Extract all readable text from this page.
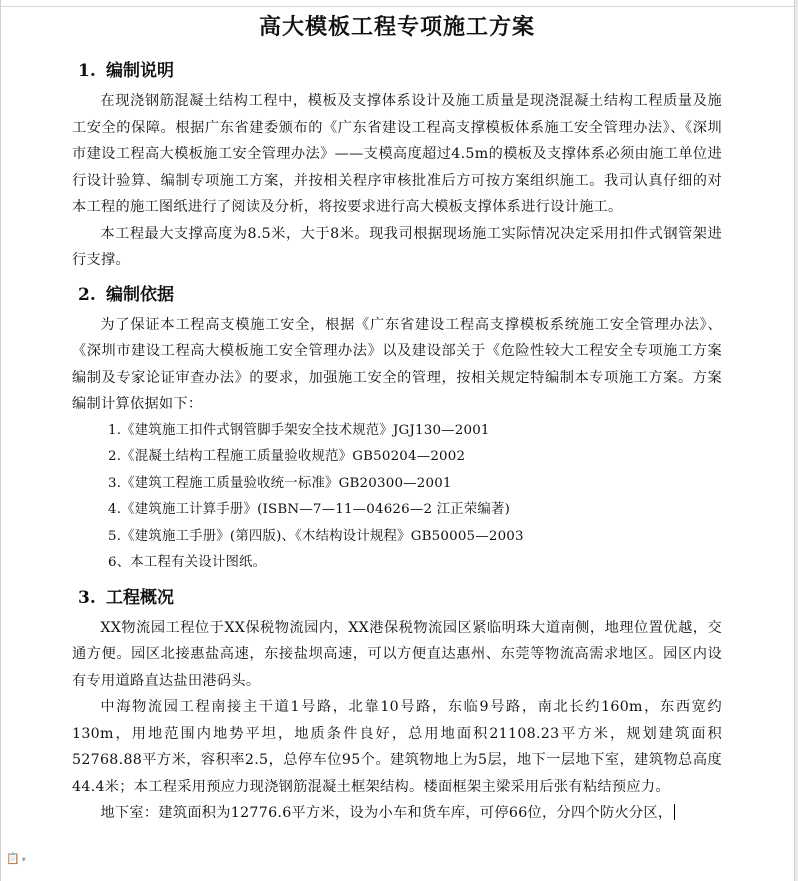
高大模板工程专项施工方案
1. 编制说明

在现浇钢筋混凝土结构工程中，模板及支撑体系设计及施工质量是现浇混凝土结构工程质量及施工安全的保障。根据广东省建委颁布的《广东省建设工程高支撑模板体系施工安全管理办法》、《深圳市建设工程高大模板施工安全管理办法》——支模高度超过4.5m的模板及支撑体系必须由施工单位进行设计验算、编制专项施工方案，并按相关程序审核批准后方可按方案组织施工。我司认真仔细的对本工程的施工图纸进行了阅读及分析，将按要求进行高大模板支撑体系进行设计施工。

本工程最大支撑高度为8.5米，大于8米。现我司根据现场施工实际情况决定采用扣件式钢管架进行支撑。

2. 编制依据

为了保证本工程高支模施工安全，根据《广东省建设工程高支撑模板系统施工安全管理办法》、《深圳市建设工程高大模板施工安全管理办法》以及建设部关于《危险性较大工程安全专项施工方案编制及专家论证审查办法》的要求，加强施工安全的管理，按相关规定特编制本专项施工方案。方案编制计算依据如下：

1.《建筑施工扣件式钢管脚手架安全技术规范》JGJ130—2001
2.《混凝土结构工程施工质量验收规范》GB50204—2002
3.《建筑工程施工质量验收统一标准》GB20300—2001
4.《建筑施工计算手册》(ISBN—7—11—04626—2 江正荣编著)
5.《建筑施工手册》(第四版)、《木结构设计规程》GB50005—2003
6、本工程有关设计图纸。
3. 工程概况

XX物流园工程位于XX保税物流园内，XX港保税物流园区紧临明珠大道南侧，地理位置优越，交通方便。园区北接惠盐高速，东接盐坝高速，可以方便直达惠州、东莞等物流高需求地区。园区内设有专用道路直达盐田港码头。

中海物流园工程南接主干道1号路，北靠10号路，东临9号路，南北长约160m，东西宽约130m，用地范围内地势平坦，地质条件良好，总用地面积21108.23平方米，规划建筑面积52768.88平方米，容积率2.5，总停车位95个。建筑物地上为5层，地下一层地下室，建筑物总高度44.4米；本工程采用预应力现浇钢筋混凝土框架结构。楼面框架主梁采用后张有粘结预应力。

地下室：建筑面积为12776.6平方米，设为小车和货车库，可停66位，分四个防火分区，

📋 ▾
